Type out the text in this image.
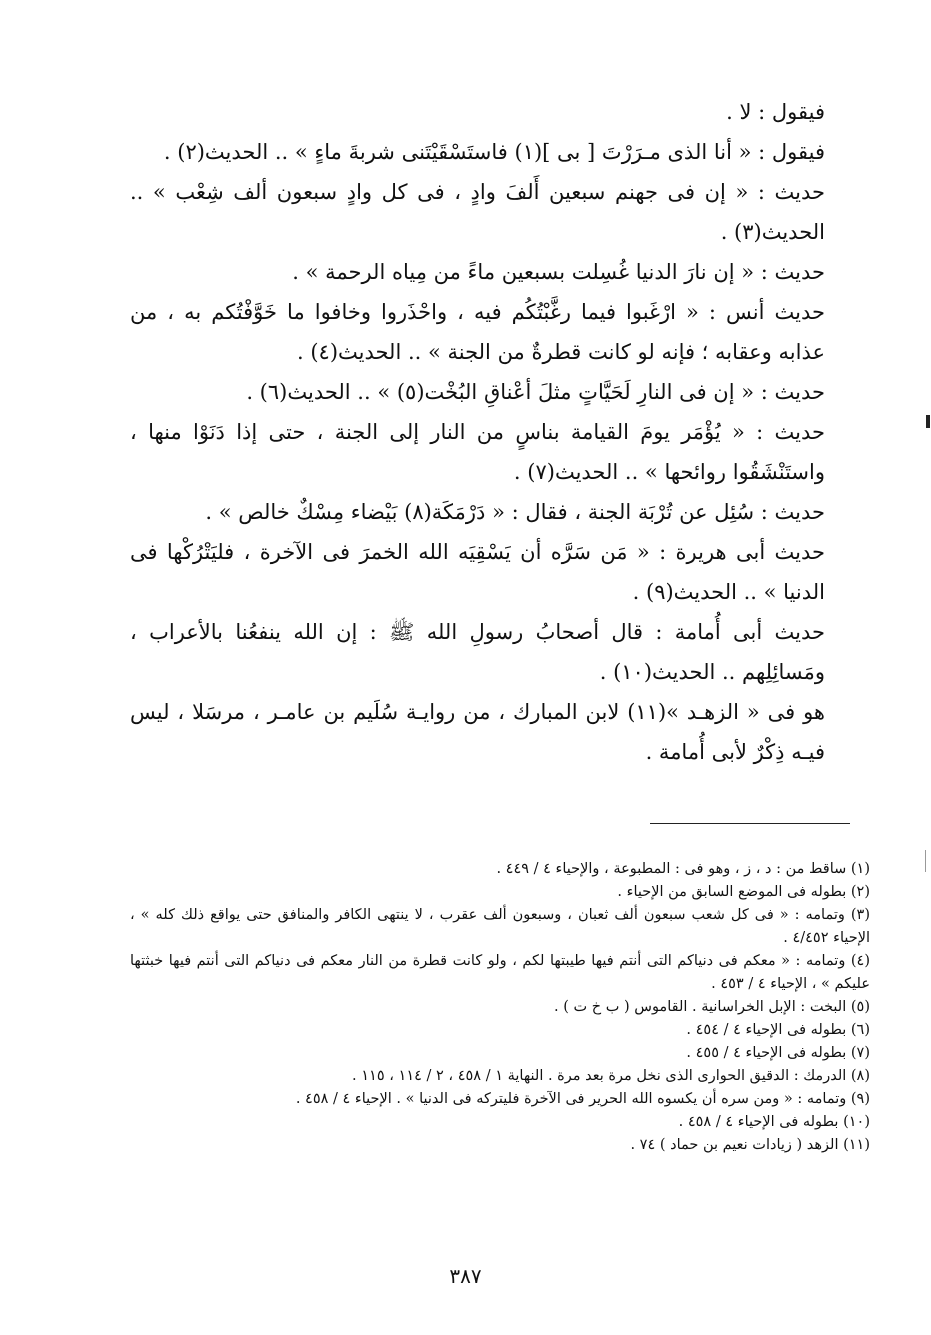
فيقول : لا .

فيقول : « أنا الذى مـرَرْتَ [ بى ](١) فاستَسْقَيْتَنى شربةَ ماءٍ » .. الحديث(٢) .

حديث : « إن فى جهنم سبعين أَلفَ وادٍ ، فى كل وادٍ سبعون ألف شِعْب » .. الحديث(٣) .

حديث : « إن نارَ الدنيا غُسِلت بسبعين ماءً من مِياه الرحمة » .

حديث أنس : « ارْغَبوا فيما رغَّبْتُكُم فيه ، واحْذَروا وخافوا ما خَوَّفْتُكم به ، من عذابه وعقابه ؛ فإنه لو كانت قطرةٌ من الجنة » .. الحديث(٤) .

حديث : « إن فى النارِ لَحَيَّاتٍ مثلَ أعْناقِ البُخْت(٥) » .. الحديث(٦) .

حديث : « يُؤْمَر يومَ القيامة بناسٍ من النار إلى الجنة ، حتى إذا دَنَوْا منها ، واستَنْشَقُوا روائحها » .. الحديث(٧) .

حديث : سُئِل عن تُرْبَة الجنة ، فقال : « دَرْمَكَة(٨) بَيْضاء مِسْكٌ خالص » .

حديث أبى هريرة : « مَن سَرَّه أن يَسْقِيَه الله الخمرَ فى الآخرة ، فليَتْرُكْها فى الدنيا » .. الحديث(٩) .

حديث أبى أُمامة : قال أصحابُ رسولِ الله ﷺ : إن الله ينفعُنا بالأعراب ، ومَسائِلِهم .. الحديث(١٠) .

هو فى « الزهـد »(١١) لابن المبارك ، من روايـة سُلَيم بن عامـر ، مرسَلا ، ليس فيـه ذِكْرٌ لأبى أُمامة .

(١) ساقط من : د ، ز ، وهو فى : المطبوعة ، والإحياء ٤ / ٤٤٩ .

(٢) بطوله فى الموضع السابق من الإحياء .

(٣) وتمامه : « فى كل شعب سبعون ألف ثعبان ، وسبعون ألف عقرب ، لا ينتهى الكافر والمنافق حتى يواقع ذلك كله » ، الإحياء ٤/٤٥٢ .

(٤) وتمامه : « معكم فى دنياكم التى أنتم فيها طيبتها لكم ، ولو كانت قطرة من النار معكم فى دنياكم التى أنتم فيها خبثتها عليكم » ، الإحياء ٤ / ٤٥٣ .

(٥) البخت : الإبل الخراسانية . القاموس ( ب خ ت ) .

(٦) بطوله فى الإحياء ٤ / ٤٥٤ .

(٧) بطوله فى الإحياء ٤ / ٤٥٥ .

(٨) الدرمك : الدقيق الحوارى الذى نخل مرة بعد مرة . النهاية ١ / ٤٥٨ ، ٢ / ١١٤ ، ١١٥ .

(٩) وتمامه : « ومن سره أن يكسوه الله الحرير فى الآخرة فليتركه فى الدنيا » . الإحياء ٤ / ٤٥٨ .

(١٠) بطوله فى الإحياء ٤ / ٤٥٨ .

(١١) الزهد ( زيادات نعيم بن حماد ) ٧٤ .

٣٨٧
